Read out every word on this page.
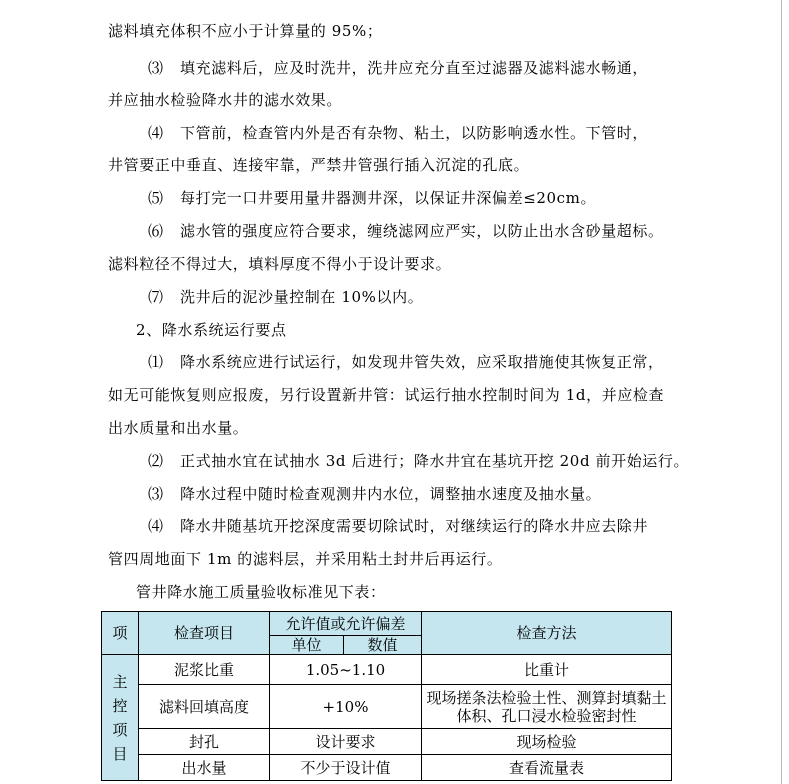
滤料填充体积不应小于计算量的 95%；
⑶ 填充滤料后，应及时洗井，洗井应充分直至过滤器及滤料滤水畅通，
并应抽水检验降水井的滤水效果。
⑷ 下管前，检查管内外是否有杂物、粘土，以防影响透水性。下管时，
井管要正中垂直、连接牢靠，严禁井管强行插入沉淀的孔底。
⑸ 每打完一口井要用量井器测井深，以保证井深偏差≤20cm。
⑹ 滤水管的强度应符合要求，缠绕滤网应严实，以防止出水含砂量超标。
滤料粒径不得过大，填料厚度不得小于设计要求。
⑺ 洗井后的泥沙量控制在 10%以内。
2、降水系统运行要点
⑴ 降水系统应进行试运行，如发现井管失效，应采取措施使其恢复正常，
如无可能恢复则应报废，另行设置新井管：试运行抽水控制时间为 1d，并应检查
出水质量和出水量。
⑵ 正式抽水宜在试抽水 3d 后进行；降水井宜在基坑开挖 20d 前开始运行。
⑶ 降水过程中随时检查观测井内水位，调整抽水速度及抽水量。
⑷ 降水井随基坑开挖深度需要切除试时，对继续运行的降水井应去除井
管四周地面下 1m 的滤料层，并采用粘土封井后再运行。
管井降水施工质量验收标准见下表：
项	检查项目	允许值或允许偏差		检查方法
		单位	数值	
主控项目	泥浆比重	1.05~1.10		比重计
	滤料回填高度	+10%		现场搓条法检验土性、测算封填黏土体积、孔口浸水检验密封性
	封孔	设计要求		现场检验
	出水量	不少于设计值		查看流量表
